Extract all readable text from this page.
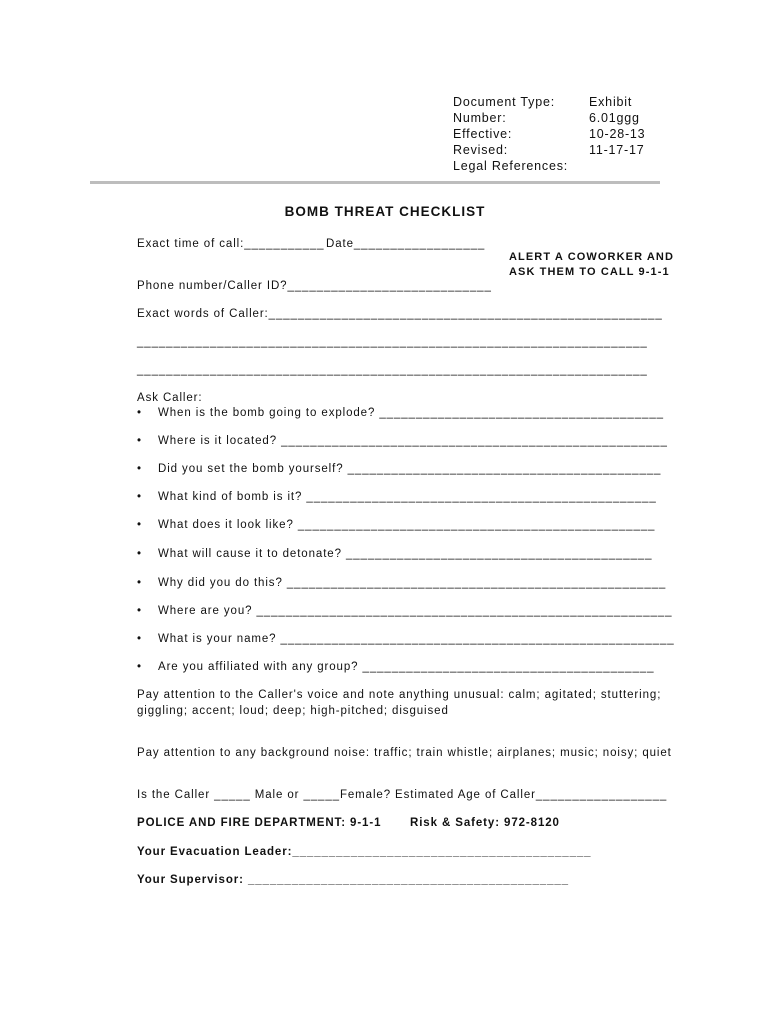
Document Type:	Exhibit
Number:	6.01ggg
Effective:	10-28-13
Revised:	11-17-17
Legal References:
BOMB THREAT CHECKLIST
Exact time of call:___________ Date__________________
ALERT A COWORKER AND
ASK THEM TO CALL 9-1-1
Phone number/Caller ID?____________________________
Exact words of Caller:______________________________________________________
______________________________________________________________________
______________________________________________________________________
Ask Caller:
• When is the bomb going to explode? _______________________________________
• Where is it located? _____________________________________________________
• Did you set the bomb yourself? ___________________________________________
• What kind of bomb is it? ________________________________________________
• What does it look like? _________________________________________________
• What will cause it to detonate? __________________________________________
• Why did you do this? ____________________________________________________
• Where are you? _________________________________________________________
• What is your name? ______________________________________________________
• Are you affiliated with any group? ________________________________________
Pay attention to the Caller's voice and note anything unusual: calm; agitated; stuttering;
giggling; accent; loud; deep; high-pitched; disguised
Pay attention to any background noise: traffic; train whistle; airplanes; music; noisy; quiet
Is the Caller _____ Male or _____Female? Estimated Age of Caller__________________
POLICE AND FIRE DEPARTMENT: 9-1-1 Risk & Safety: 972-8120
Your Evacuation Leader:_________________________________________
Your Supervisor: ____________________________________________
